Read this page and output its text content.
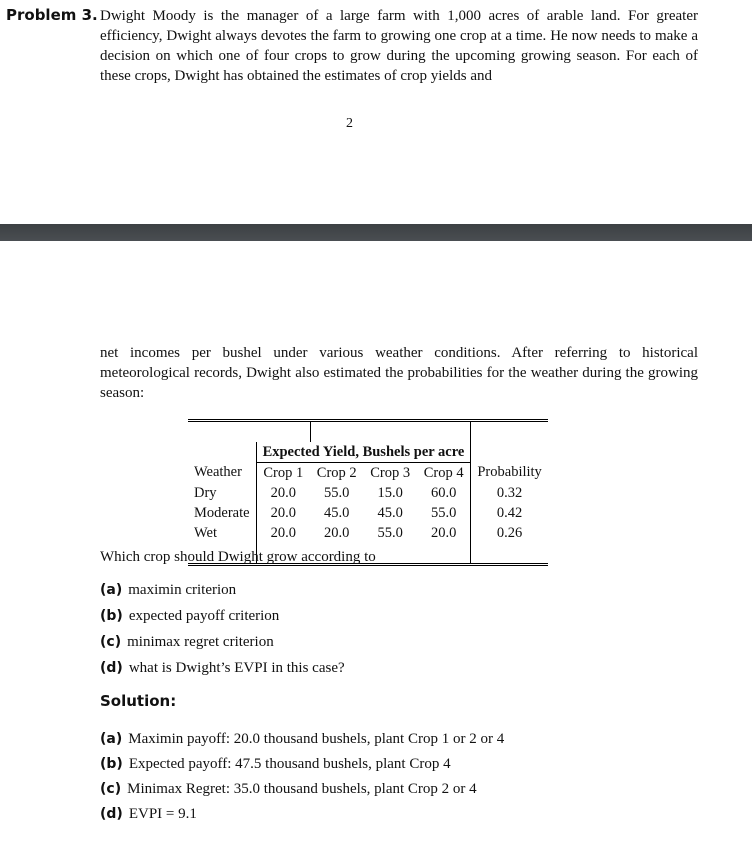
Problem 3. Dwight Moody is the manager of a large farm with 1,000 acres of arable land. For greater efficiency, Dwight always devotes the farm to growing one crop at a time. He now needs to make a decision on which one of four crops to grow during the upcoming growing season. For each of these crops, Dwight has obtained the estimates of crop yields and
2
net incomes per bushel under various weather conditions. After referring to historical meteorological records, Dwight also estimated the probabilities for the weather during the growing season:

	Expected Yield, Bushels per acre				
Weather	Crop 1	Crop 2	Crop 3	Crop 4	Probability
Dry	20.0	55.0	15.0	60.0	0.32
Moderate	20.0	45.0	45.0	55.0	0.42
Wet	20.0	20.0	55.0	20.0	0.26

Which crop should Dwight grow according to
(a) maximin criterion
(b) expected payoff criterion
(c) minimax regret criterion
(d) what is Dwight’s EVPI in this case?
Solution:
(a) Maximin payoff: 20.0 thousand bushels, plant Crop 1 or 2 or 4
(b) Expected payoff: 47.5 thousand bushels, plant Crop 4
(c) Minimax Regret: 35.0 thousand bushels, plant Crop 2 or 4
(d) EVPI = 9.1
